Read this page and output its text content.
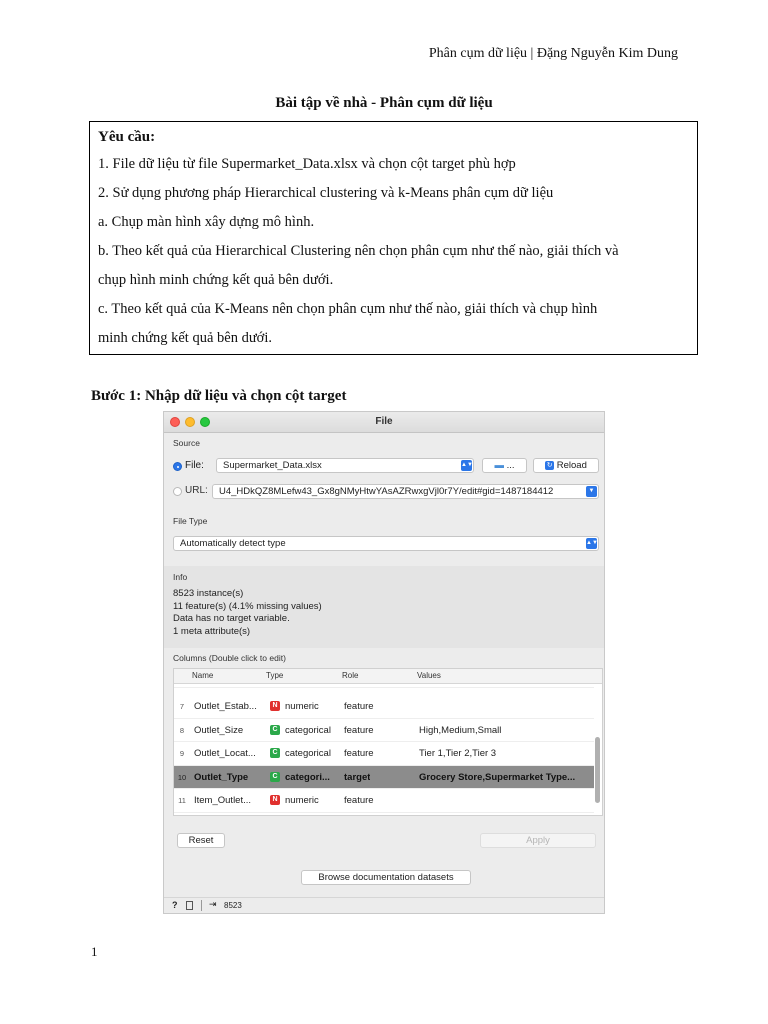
Phân cụm dữ liệu | Đặng Nguyễn Kim Dung
Bài tập về nhà - Phân cụm dữ liệu
Yêu cầu:
1. File dữ liệu từ file Supermarket_Data.xlsx và chọn cột target phù hợp
2. Sử dụng phương pháp Hierarchical clustering và k-Means phân cụm dữ liệu
a. Chụp màn hình xây dựng mô hình.
b. Theo kết quả của Hierarchical Clustering nên chọn phân cụm như thế nào, giải thích và
chụp hình minh chứng kết quả bên dưới.
c. Theo kết quả của K-Means nên chọn phân cụm như thế nào, giải thích và chụp hình
minh chứng kết quả bên dưới.
Bước 1: Nhập dữ liệu và chọn cột target
File
Source
File:	Supermarket_Data.xlsx	▲▼	▬ ...	↻ Reload
URL:	U4_HDkQZ8MLefw43_Gx8gNMyHtwYAsAZRwxgVjl0r7Y/edit#gid=1487184412	▼
File Type
Automatically detect type	▲▼
Info
8523 instance(s)
11 feature(s) (4.1% missing values)
Data has no target variable.
1 meta attribute(s)
Columns (Double click to edit)
Name	Type	Role	Values
7	Outlet_Estab...	N numeric	feature
8	Outlet_Size	C categorical	feature	High,Medium,Small
9	Outlet_Locat...	C categorical	feature	Tier 1,Tier 2,Tier 3
10 Outlet_Type	C categori...	target	Grocery Store,Supermarket Type...
11 Item_Outlet...	N numeric	feature
Reset	Apply
Browse documentation datasets
?	⇥ 8523
1
